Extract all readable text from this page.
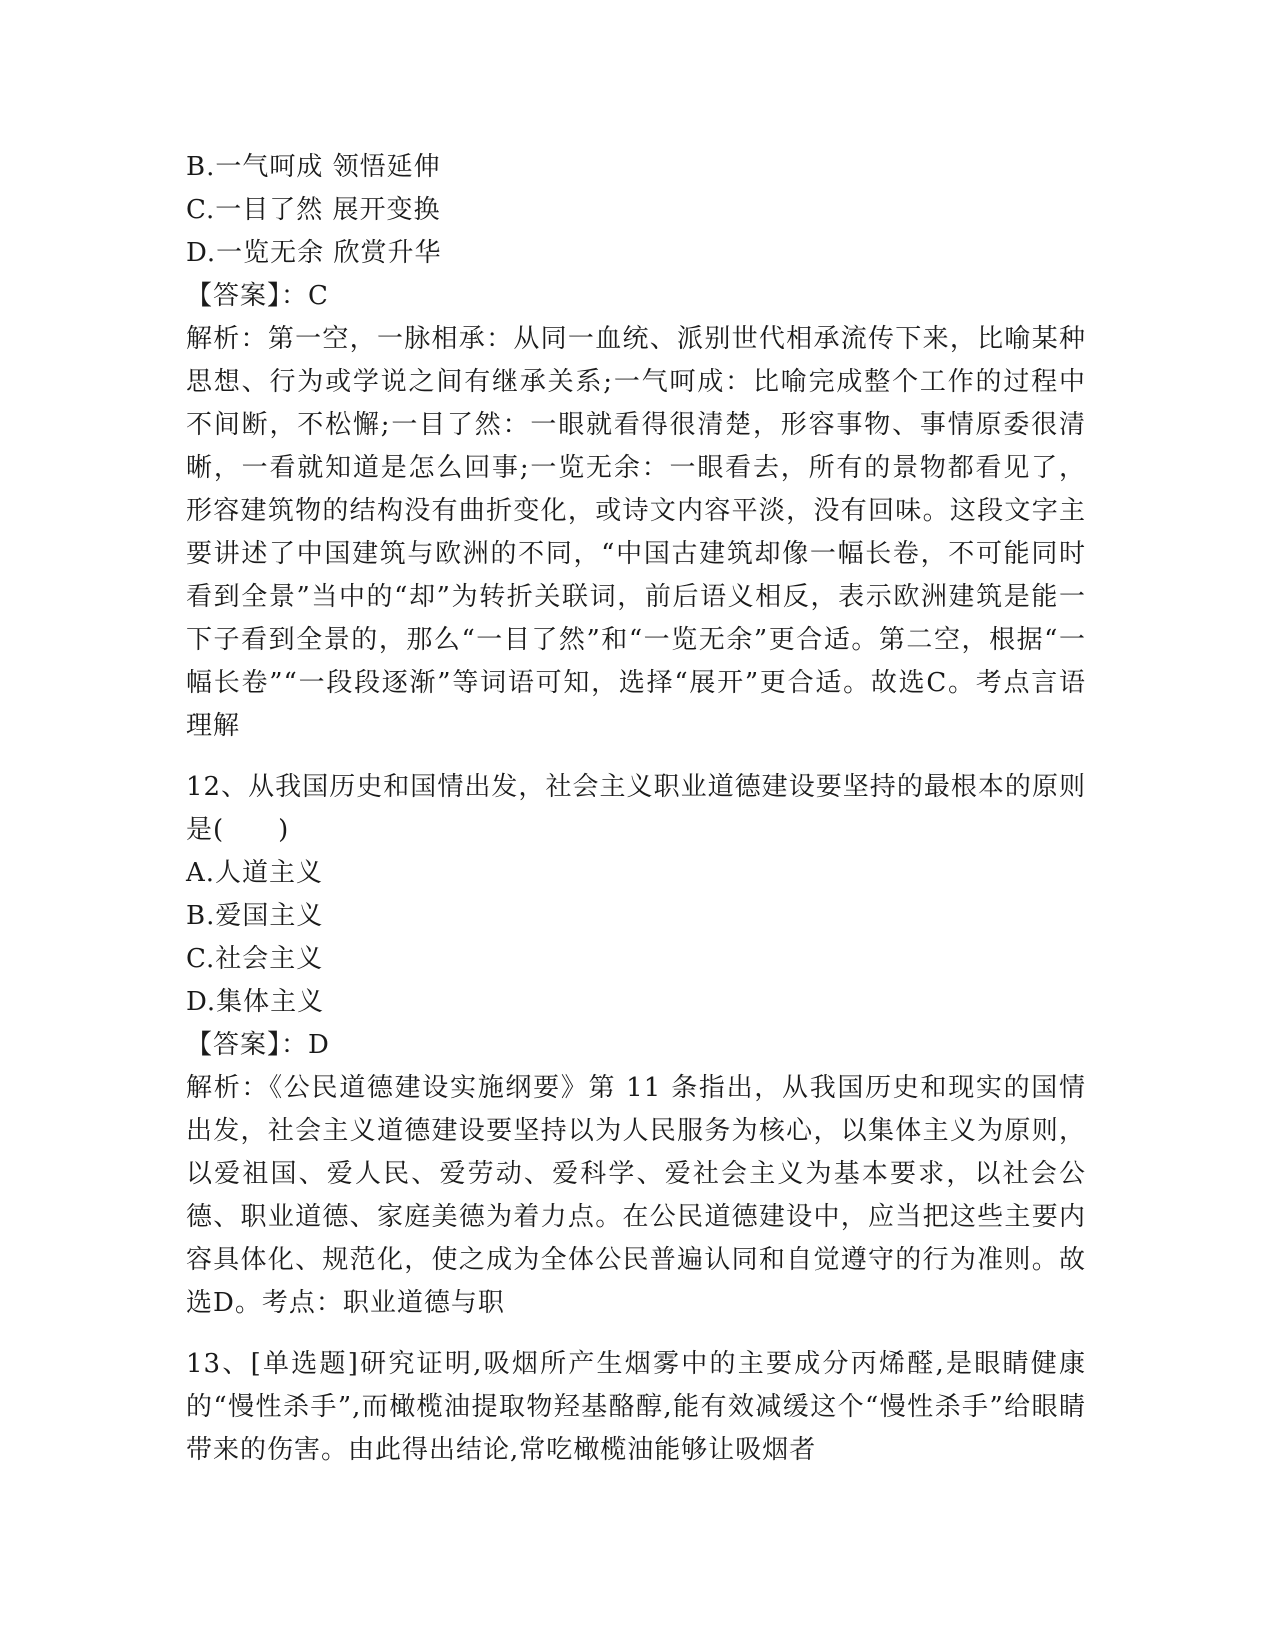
B.一气呵成 领悟延伸
C.一目了然 展开变换
D.一览无余 欣赏升华
【答案】：C
解析：第一空，一脉相承：从同一血统、派别世代相承流传下来，比喻某种思想、行为或学说之间有继承关系;一气呵成：比喻完成整个工作的过程中不间断，不松懈;一目了然：一眼就看得很清楚，形容事物、事情原委很清晰，一看就知道是怎么回事;一览无余：一眼看去，所有的景物都看见了，形容建筑物的结构没有曲折变化，或诗文内容平淡，没有回味。这段文字主要讲述了中国建筑与欧洲的不同，“中国古建筑却像一幅长卷，不可能同时看到全景”当中的“却”为转折关联词，前后语义相反，表示欧洲建筑是能一下子看到全景的，那么“一目了然”和“一览无余”更合适。第二空，根据“一幅长卷”“一段段逐渐”等词语可知，选择“展开”更合适。故选C。考点言语理解
12、从我国历史和国情出发，社会主义职业道德建设要坚持的最根本的原则是(　　)
A.人道主义
B.爱国主义
C.社会主义
D.集体主义
【答案】：D
解析：《公民道德建设实施纲要》第 11 条指出，从我国历史和现实的国情出发，社会主义道德建设要坚持以为人民服务为核心，以集体主义为原则，以爱祖国、爱人民、爱劳动、爱科学、爱社会主义为基本要求，以社会公德、职业道德、家庭美德为着力点。在公民道德建设中，应当把这些主要内容具体化、规范化，使之成为全体公民普遍认同和自觉遵守的行为准则。故选D。考点：职业道德与职
13、[单选题]研究证明,吸烟所产生烟雾中的主要成分丙烯醛,是眼睛健康的“慢性杀手”,而橄榄油提取物羟基酪醇,能有效减缓这个“慢性杀手”给眼睛带来的伤害。由此得出结论,常吃橄榄油能够让吸烟者
